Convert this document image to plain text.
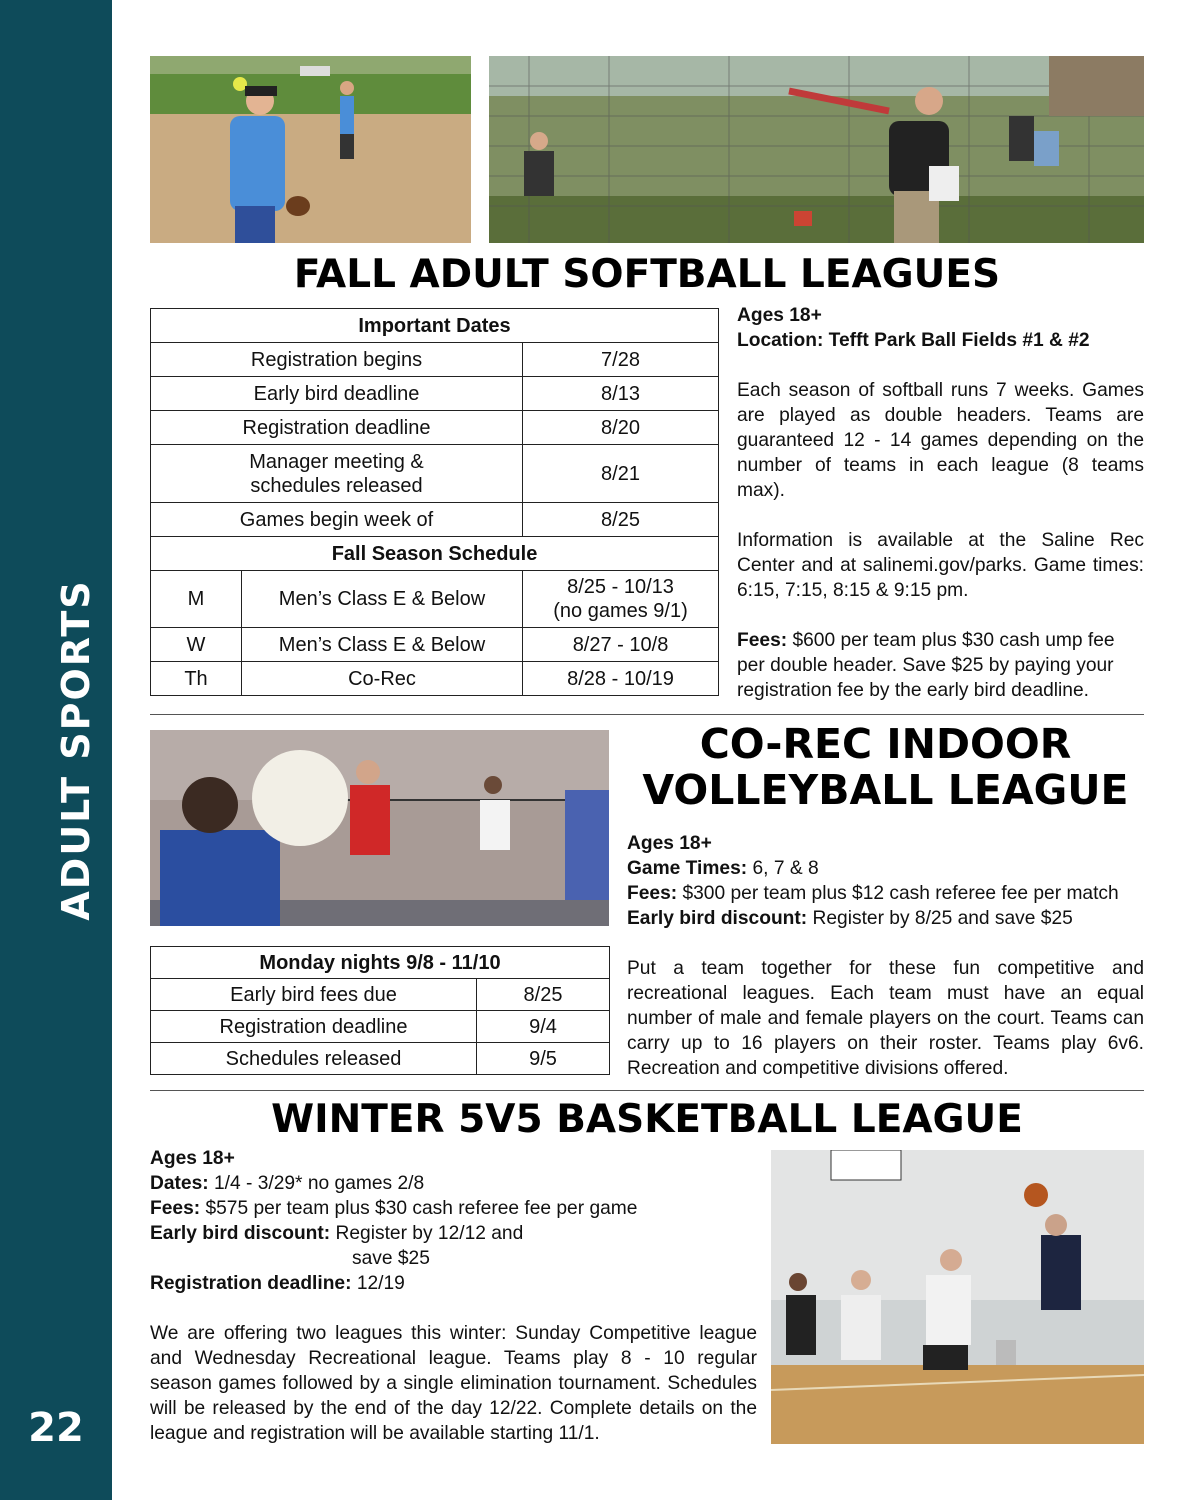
ADULT SPORTS
22
FALL ADULT SOFTBALL LEAGUES
Important Dates		
Registration begins		7/28
Early bird deadline		8/13
Registration deadline		8/20
Manager meeting & schedules released		8/21
Games begin week of		8/25
Fall Season Schedule		
M	Men’s Class E & Below	8/25 - 10/13
(no games 9/1)
W	Men’s Class E & Below	8/27 - 10/8
Th	Co-Rec	8/28 - 10/19

Ages 18+

Location: Tefft Park Ball Fields #1 & #2

Each season of softball runs 7 weeks. Games are played as double headers. Teams are guaranteed 12 - 14 games depending on the number of teams in each league (8 teams max).

Information is available at the Saline Rec Center and at salinemi.gov/parks. Game times: 6:15, 7:15, 8:15 & 9:15 pm.

Fees: $600 per team plus $30 cash ump fee per double header. Save $25 by paying your registration fee by the early bird deadline.

CO-REC INDOOR
VOLLEYBALL LEAGUE

Ages 18+

Game Times: 6, 7 & 8

Fees: $300 per team plus $12 cash referee fee per match

Early bird discount: Register by 8/25 and save $25

Put a team together for these fun competitive and recreational leagues. Each team must have an equal number of male and female players on the court. Teams can carry up to 16 players on their roster. Teams play 6v6. Recreation and competitive divisions offered.

Monday nights 9/8 - 11/10	
Early bird fees due	8/25
Registration deadline	9/4
Schedules released	9/5
WINTER 5V5 BASKETBALL LEAGUE

Ages 18+

Dates: 1/4 - 3/29* no games 2/8

Fees: $575 per team plus $30 cash referee fee per game

Early bird discount: Register by 12/12 and

save $25

Registration deadline: 12/19

We are offering two leagues this winter: Sunday Competitive league and Wednesday Recreational league. Teams play 8 - 10 regular season games followed by a single elimination tournament. Schedules will be released by the end of the day 12/22. Complete details on the league and registration will be available starting 11/1.
